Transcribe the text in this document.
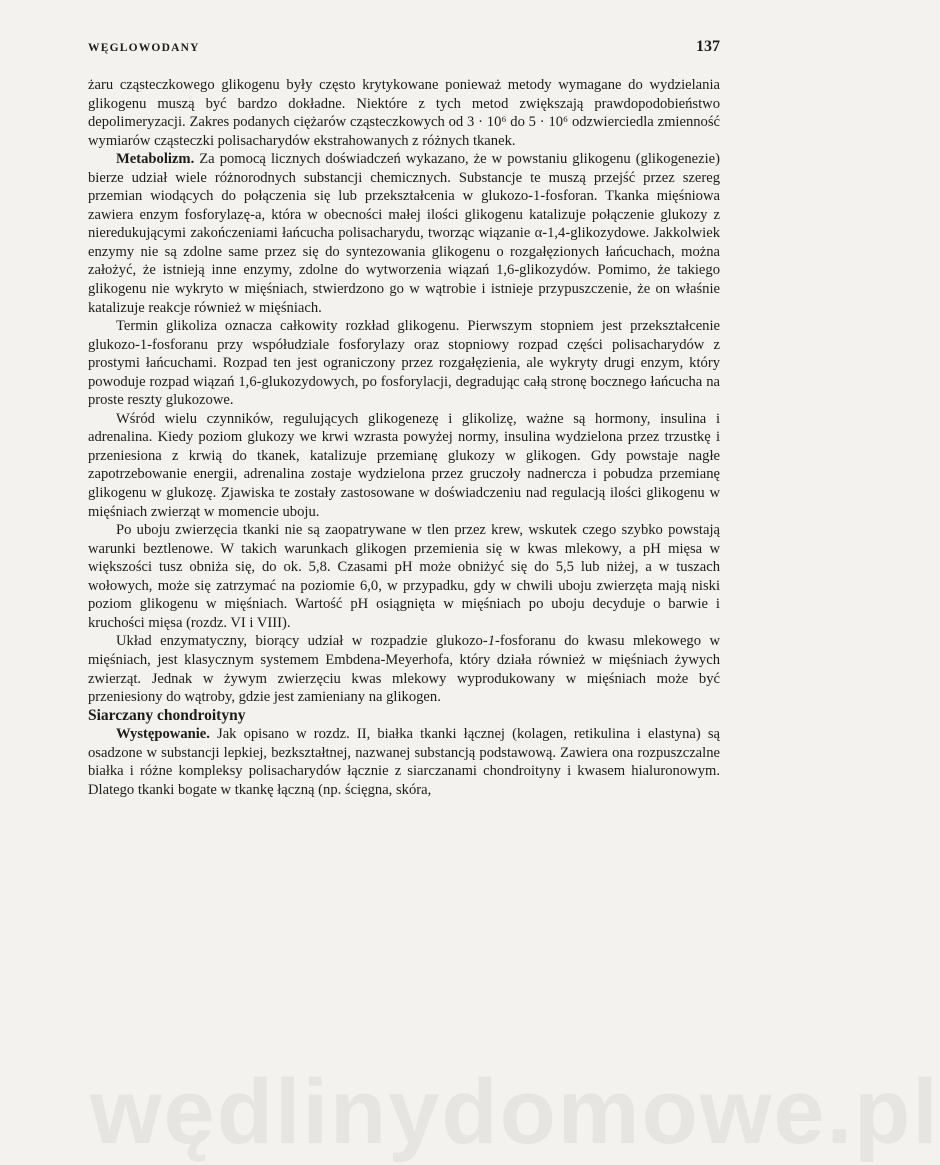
WĘGLOWODANY	137

żaru cząsteczkowego glikogenu były często krytykowane ponieważ metody wymagane do wydzielania glikogenu muszą być bardzo dokładne. Niektóre z tych metod zwiększają prawdopodobieństwo depolimeryzacji. Zakres podanych ciężarów cząsteczkowych od 3 · 10⁶ do 5 · 10⁶ odzwierciedla zmienność wymiarów cząsteczki polisacharydów ekstrahowanych z różnych tkanek.

Metabolizm. Za pomocą licznych doświadczeń wykazano, że w powstaniu glikogenu (glikogenezie) bierze udział wiele różnorodnych substancji chemicznych. Substancje te muszą przejść przez szereg przemian wiodących do połączenia się lub przekształcenia w glukozo-1-fosforan. Tkanka mięśniowa zawiera enzym fosforylazę-a, która w obecności małej ilości glikogenu katalizuje połączenie glukozy z nieredukującymi zakończeniami łańcucha polisacharydu, tworząc wiązanie α-1,4-glikozydowe. Jakkolwiek enzymy nie są zdolne same przez się do syntezowania glikogenu o rozgałęzionych łańcuchach, można założyć, że istnieją inne enzymy, zdolne do wytworzenia wiązań 1,6-glikozydów. Pomimo, że takiego glikogenu nie wykryto w mięśniach, stwierdzono go w wątrobie i istnieje przypuszczenie, że on właśnie katalizuje reakcje również w mięśniach.

Termin glikoliza oznacza całkowity rozkład glikogenu. Pierwszym stopniem jest przekształcenie glukozo-1-fosforanu przy współudziale fosforylazy oraz stopniowy rozpad części polisacharydów z prostymi łańcuchami. Rozpad ten jest ograniczony przez rozgałęzienia, ale wykryty drugi enzym, który powoduje rozpad wiązań 1,6-glukozydowych, po fosforylacji, degradując całą stronę bocznego łańcucha na proste reszty glukozowe.

Wśród wielu czynników, regulujących glikogenezę i glikolizę, ważne są hormony, insulina i adrenalina. Kiedy poziom glukozy we krwi wzrasta powyżej normy, insulina wydzielona przez trzustkę i przeniesiona z krwią do tkanek, katalizuje przemianę glukozy w glikogen. Gdy powstaje nagłe zapotrzebowanie energii, adrenalina zostaje wydzielona przez gruczoły nadnercza i pobudza przemianę glikogenu w glukozę. Zjawiska te zostały zastosowane w doświadczeniu nad regulacją ilości glikogenu w mięśniach zwierząt w momencie uboju.

Po uboju zwierzęcia tkanki nie są zaopatrywane w tlen przez krew, wskutek czego szybko powstają warunki beztlenowe. W takich warunkach glikogen przemienia się w kwas mlekowy, a pH mięsa w większości tusz obniża się, do ok. 5,8. Czasami pH może obniżyć się do 5,5 lub niżej, a w tuszach wołowych, może się zatrzymać na poziomie 6,0, w przypadku, gdy w chwili uboju zwierzęta mają niski poziom glikogenu w mięśniach. Wartość pH osiągnięta w mięśniach po uboju decyduje o barwie i kruchości mięsa (rozdz. VI i VIII).

Układ enzymatyczny, biorący udział w rozpadzie glukozo-1-fosforanu do kwasu mlekowego w mięśniach, jest klasycznym systemem Embdena-Meyerhofa, który działa również w mięśniach żywych zwierząt. Jednak w żywym zwierzęciu kwas mlekowy wyprodukowany w mięśniach może być przeniesiony do wątroby, gdzie jest zamieniany na glikogen.

Siarczany chondroityny

Występowanie. Jak opisano w rozdz. II, białka tkanki łącznej (kolagen, retikulina i elastyna) są osadzone w substancji lepkiej, bezkształtnej, nazwanej substancją podstawową. Zawiera ona rozpuszczalne białka i różne kompleksy polisacharydów łącznie z siarczanami chondroityny i kwasem hialuronowym. Dlatego tkanki bogate w tkankę łączną (np. ścięgna, skóra,

wędlinydomowe.pl
